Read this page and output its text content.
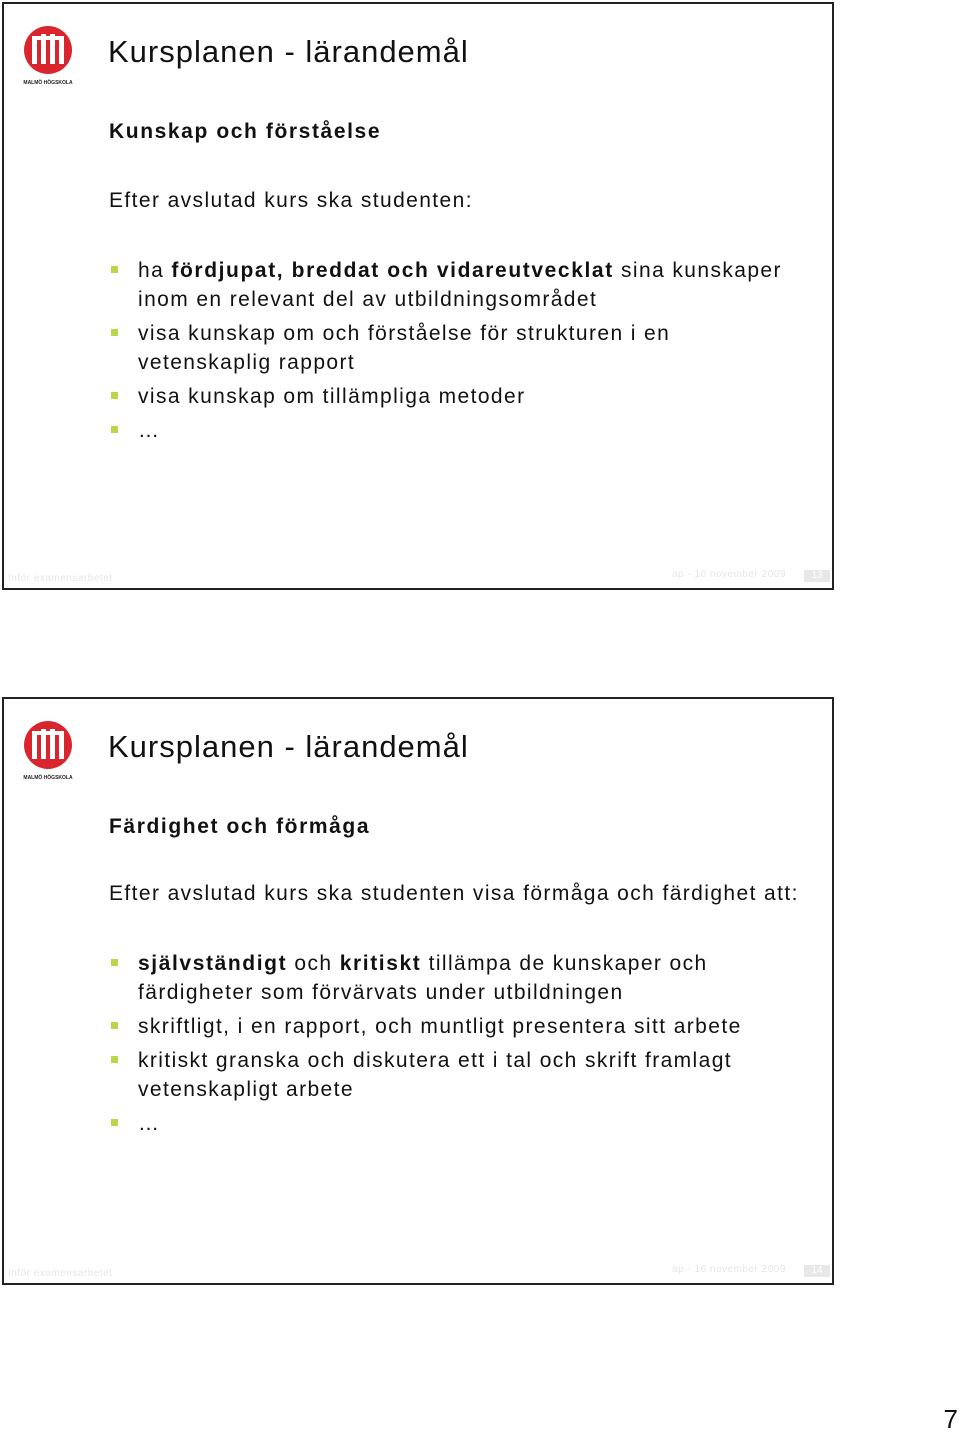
MALMÖ HÖGSKOLA
Kursplanen - lärandemål
Kunskap och förståelse

Efter avslutad kurs ska studenten:

ha fördjupat, breddat och vidareutvecklat sina kunskaper inom en relevant del av utbildningsområdet
visa kunskap om och förståelse för strukturen i en vetenskaplig rapport
visa kunskap om tillämpliga metoder
…
Inför examensarbetet	ap - 16 november 2009	13
MALMÖ HÖGSKOLA
Kursplanen - lärandemål
Färdighet och förmåga

Efter avslutad kurs ska studenten visa förmåga och färdighet att:

självständigt och kritiskt tillämpa de kunskaper och färdigheter som förvärvats under utbildningen
skriftligt, i en rapport, och muntligt presentera sitt arbete
kritiskt granska och diskutera ett i tal och skrift framlagt vetenskapligt arbete
…
Inför examensarbetet	ap - 16 november 2009	14
7
